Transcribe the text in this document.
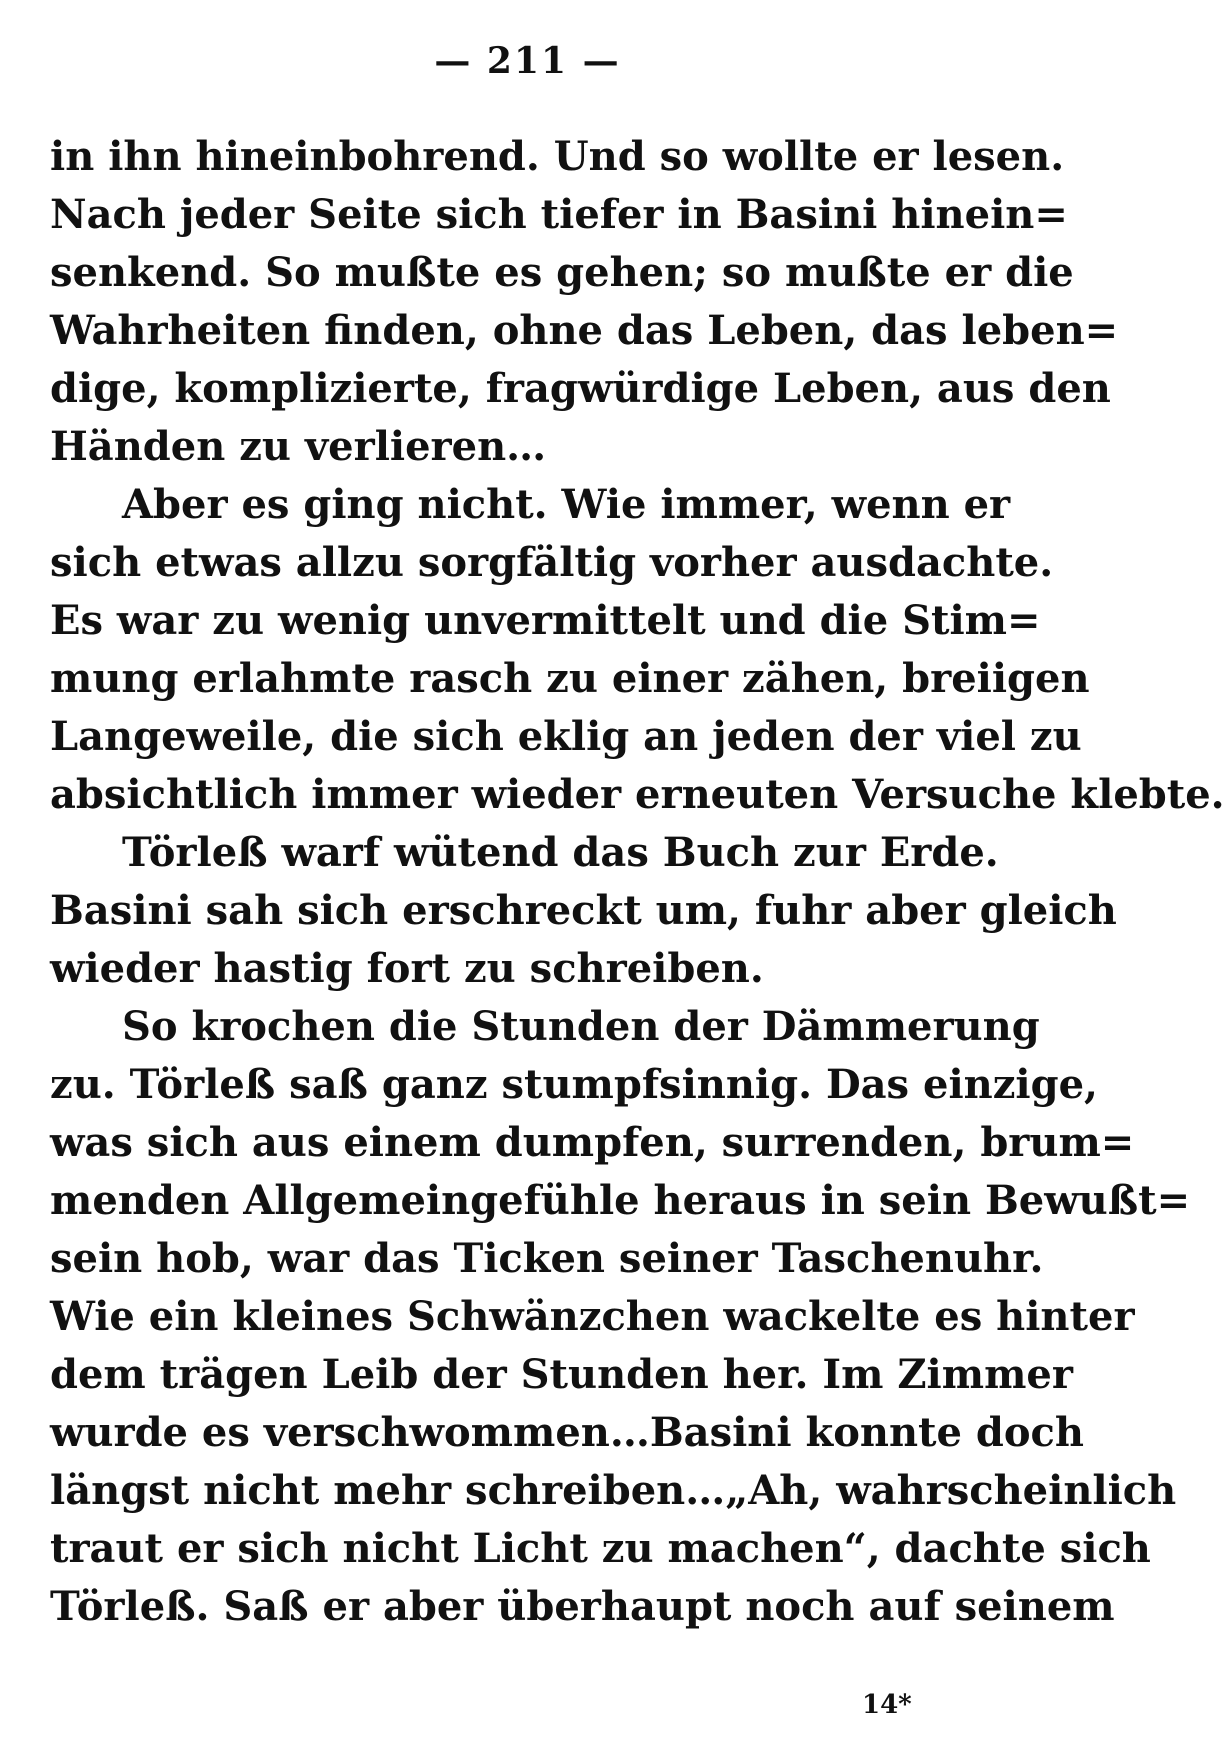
— 211 —
in ihn hineinbohrend. Und so wollte er lesen.
Nach jeder Seite sich tiefer in Basini hinein=
senkend. So mußte es gehen; so mußte er die
Wahrheiten finden, ohne das Leben, das leben=
dige, komplizierte, fragwürdige Leben, aus den
Händen zu verlieren…
Aber es ging nicht. Wie immer, wenn er
sich etwas allzu sorgfältig vorher ausdachte.
Es war zu wenig unvermittelt und die Stim=
mung erlahmte rasch zu einer zähen, breiigen
Langeweile, die sich eklig an jeden der viel zu
absichtlich immer wieder erneuten Versuche klebte.
Törleß warf wütend das Buch zur Erde.
Basini sah sich erschreckt um, fuhr aber gleich
wieder hastig fort zu schreiben.
So krochen die Stunden der Dämmerung
zu. Törleß saß ganz stumpfsinnig. Das einzige,
was sich aus einem dumpfen, surrenden, brum=
menden Allgemeingefühle heraus in sein Bewußt=
sein hob, war das Ticken seiner Taschenuhr.
Wie ein kleines Schwänzchen wackelte es hinter
dem trägen Leib der Stunden her. Im Zimmer
wurde es verschwommen…Basini konnte doch
längst nicht mehr schreiben…„Ah, wahrscheinlich
traut er sich nicht Licht zu machen“, dachte sich
Törleß. Saß er aber überhaupt noch auf seinem
14*
